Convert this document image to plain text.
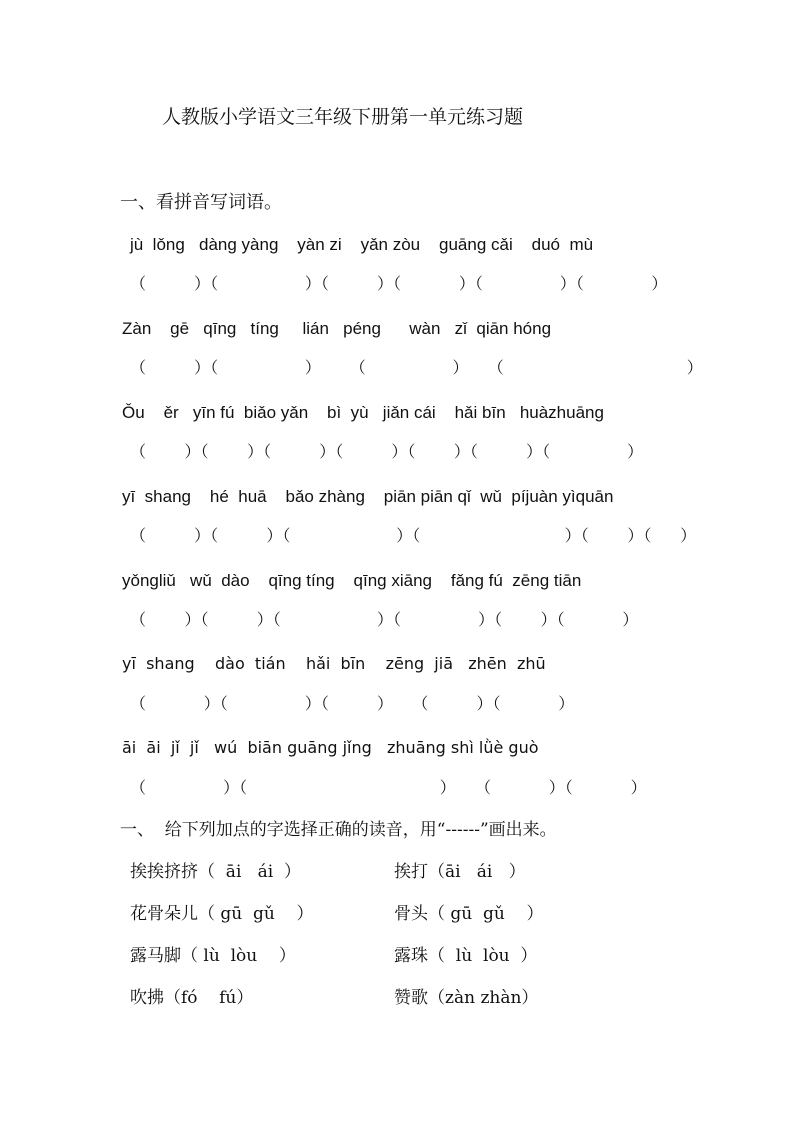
人教版小学语文三年级下册第一单元练习题
一、看拼音写词语。
jù  lǒng   dàng yàng    yàn zi    yǎn zòu    guāng cǎi    duó  mù
（     ）（         ）（     ）（      ）（        ）（       ）
Zàn    gē   qīng   tíng     lián   péng      wàn   zǐ  qiān hóng
（     ）（         ）   （         ）  （                   ）
Ǒu    ěr   yīn fú  biǎo yǎn    bì  yù   jiǎn cái    hǎi bīn   huàzhuāng
（    ）（    ）（     ）（     ）（    ）（     ）（        ）
yī  shang    hé  huā    bǎo zhàng    piān piān qǐ  wǔ  píjuàn yìquān
（     ）（     ）（           ）（               ）（    ）（   ）
yǒngliǔ   wǔ  dào    qīng tíng    qīng xiāng    fǎng fú  zēng tiān
（    ）（     ）（          ）（        ）（    ）（      ）
yī  shang    dào  tián    hǎi  bīn    zēng  jiā   zhēn  zhū
（      ）（        ）（     ）  （     ）（      ）
āi  āi  jǐ  jǐ   wú  biān guāng jǐng   zhuāng shì lǜè guò
（        ）（                    ）  （      ）（      ）
一、  给下列加点的字选择正确的读音，用“------”画出来。
挨挨挤挤（  āi   ái  ）	挨打（āi   ái   ）
花骨朵儿（ gū  gǔ    ）	骨头（ gū  gǔ    ）
露马脚（ lù  lòu    ）	露珠（  lù  lòu  ）
吹拂（fó    fú）	赞歌（zàn zhàn）
